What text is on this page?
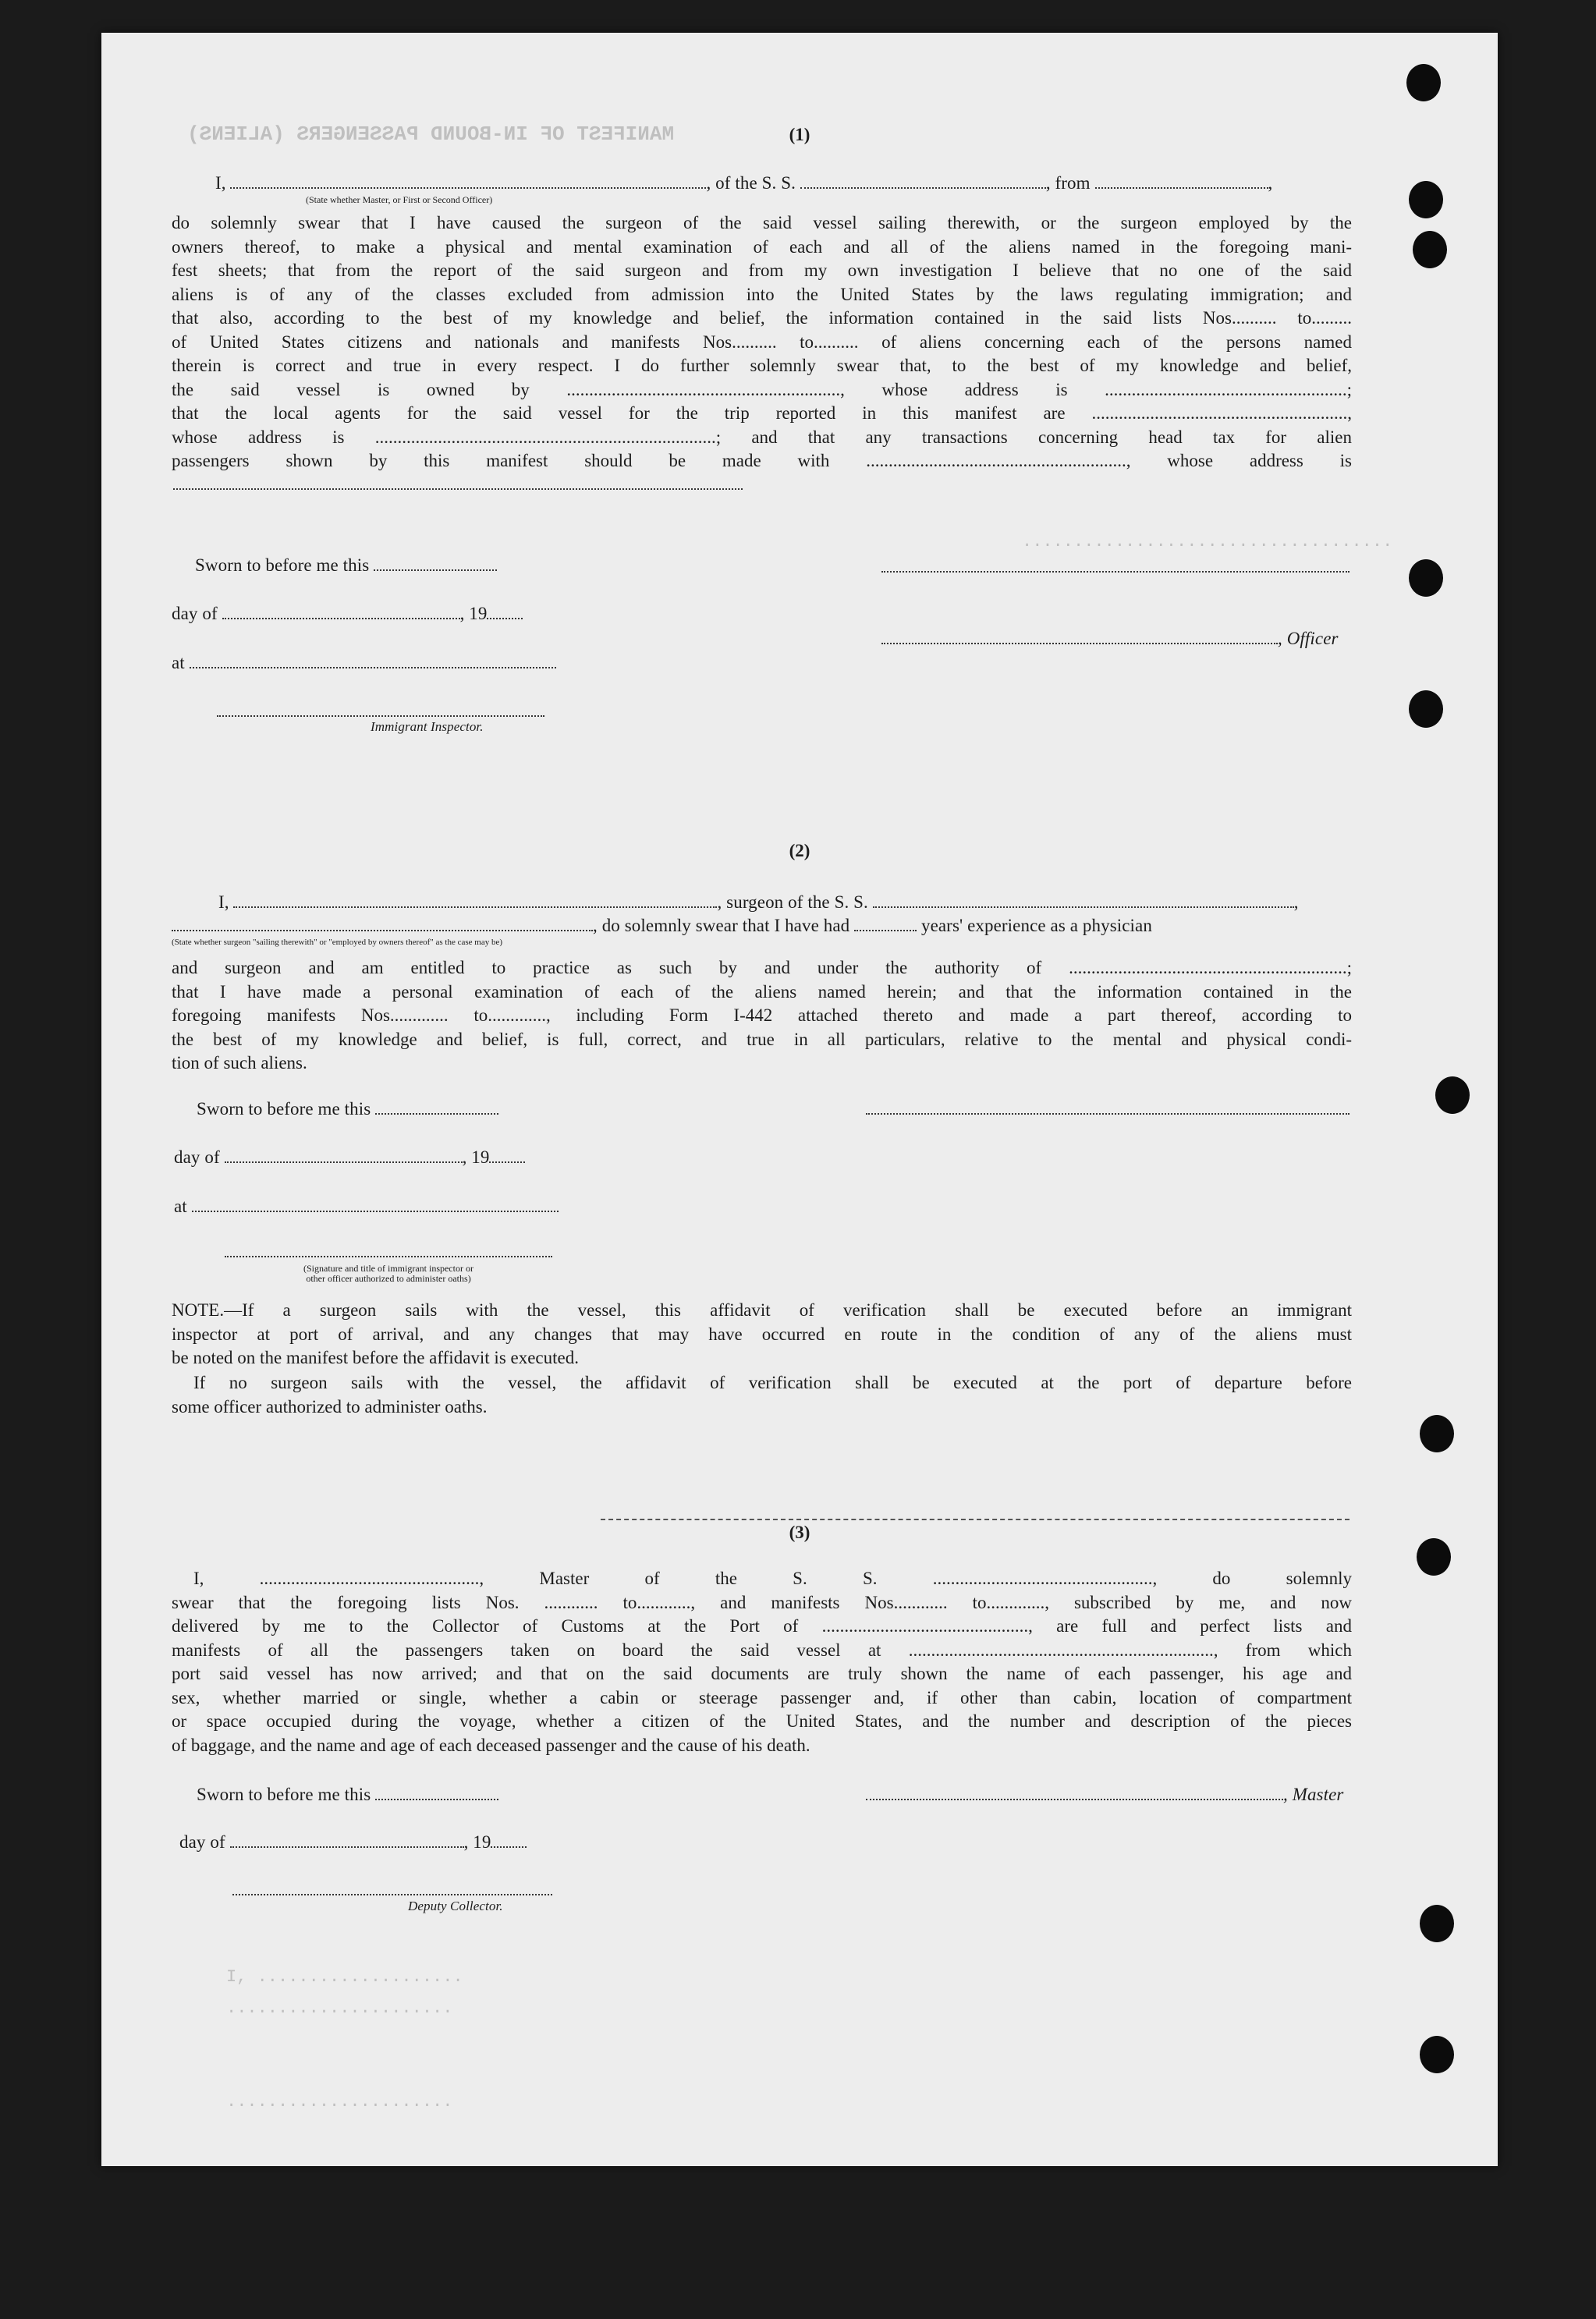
MANIFEST OF IN-BOUND PASSENGERS (ALIENS)
....................................
(1)
I,	, of the S. S.	, from	,
(State whether Master, or First or Second Officer)
do solemnly swear that I have caused the surgeon of the said vessel sailing therewith, or the surgeon employed by the
owners thereof, to make a physical and mental examination of each and all of the aliens named in the foregoing mani-
fest sheets; that from the report of the said surgeon and from my own investigation I believe that no one of the said
aliens is of any of the classes excluded from admission into the United States by the laws regulating immigration; and
that also, according to the best of my knowledge and belief, the information contained in the said lists Nos.......... to.........
of United States citizens and nationals and manifests Nos.......... to.......... of aliens concerning each of the persons named
therein is correct and true in every respect. I do further solemnly swear that, to the best of my knowledge and belief,
the said vessel is owned by ............................................................., whose address is ......................................................;
that the local agents for the said vessel for the trip reported in this manifest are .........................................................,
whose address is ............................................................................; and that any transactions concerning head tax for alien
passengers shown by this manifest should be made with .........................................................., whose address is
Sworn to before me this
day of	, 19
, Officer
at
Immigrant Inspector.
(2)
I,	, surgeon of the S. S.	,
, do solemnly swear that I have had	years' experience as a physician
(State whether surgeon "sailing therewith" or "employed by owners thereof" as the case may be)
and surgeon and am entitled to practice as such by and under the authority of ..............................................................;
that I have made a personal examination of each of the aliens named herein; and that the information contained in the
foregoing manifests Nos............. to............., including Form I-442 attached thereto and made a part thereof, according to
the best of my knowledge and belief, is full, correct, and true in all particulars, relative to the mental and physical condi-
tion of such aliens.
Sworn to before me this
day of	, 19
at
(Signature and title of immigrant inspector or
other officer authorized to administer oaths)
NOTE.—If a surgeon sails with the vessel, this affidavit of verification shall be executed before an immigrant
inspector at port of arrival, and any changes that may have occurred en route in the condition of any of the aliens must
be noted on the manifest before the affidavit is executed.
If no surgeon sails with the vessel, the affidavit of verification shall be executed at the port of departure before
some officer authorized to administer oaths.
(3)
I, ................................................., Master of the S. S. ................................................., do solemnly
swear that the foregoing lists Nos. ............ to............, and manifests Nos............ to............., subscribed by me, and now
delivered by me to the Collector of Customs at the Port of .............................................., are full and perfect lists and
manifests of all the passengers taken on board the said vessel at ...................................................................., from which
port said vessel has now arrived; and that on the said documents are truly shown the name of each passenger, his age and
sex, whether married or single, whether a cabin or steerage passenger and, if other than cabin, location of compartment
or space occupied during the voyage, whether a citizen of the United States, and the number and description of the pieces
of baggage, and the name and age of each deceased passenger and the cause of his death.
Sworn to before me this	, Master
day of	, 19
Deputy Collector.
I, ....................
......................
......................
